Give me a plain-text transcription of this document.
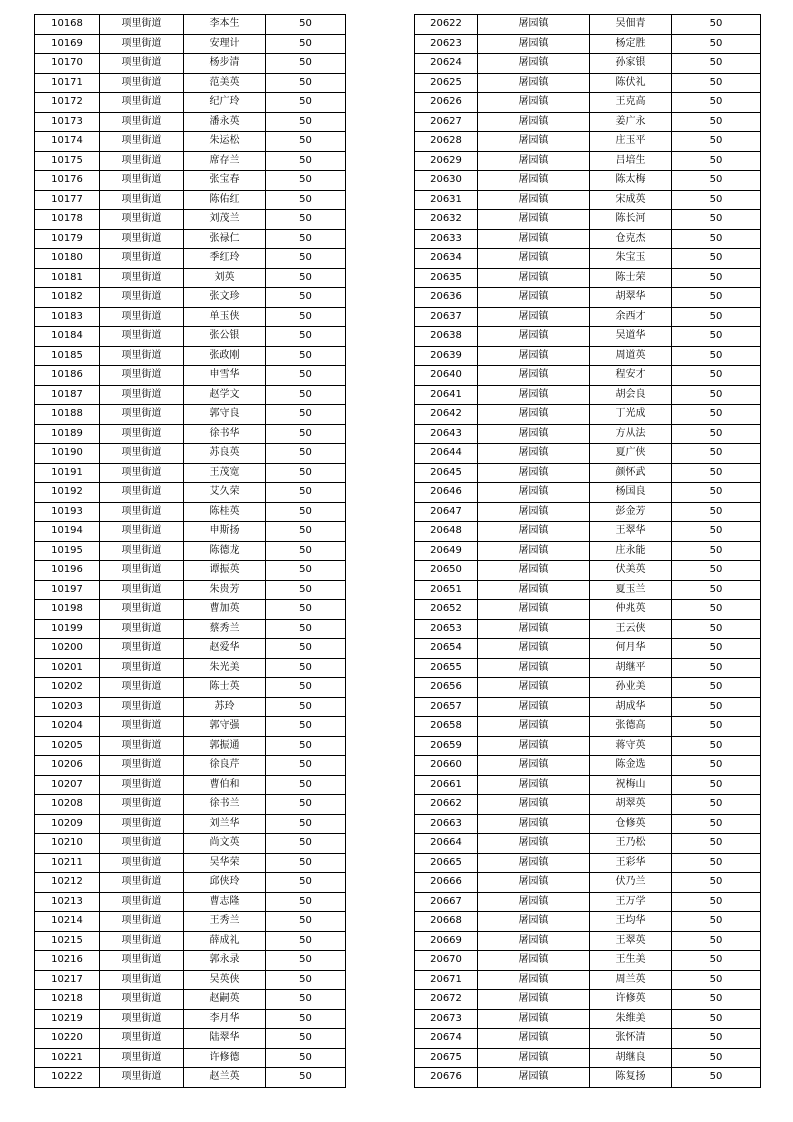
10168	项里街道	李本生	50
10169	项里街道	安理计	50
10170	项里街道	杨步清	50
10171	项里街道	范美英	50
10172	项里街道	纪广玲	50
10173	项里街道	潘永英	50
10174	项里街道	朱运松	50
10175	项里街道	席存兰	50
10176	项里街道	张宝春	50
10177	项里街道	陈佑红	50
10178	项里街道	刘茂兰	50
10179	项里街道	张禄仁	50
10180	项里街道	季红玲	50
10181	项里街道	刘英	50
10182	项里街道	张文珍	50
10183	项里街道	单玉侠	50
10184	项里街道	张公银	50
10185	项里街道	张政刚	50
10186	项里街道	申雪华	50
10187	项里街道	赵学文	50
10188	项里街道	郭守良	50
10189	项里街道	徐书华	50
10190	项里街道	苏良英	50
10191	项里街道	王茂宽	50
10192	项里街道	艾久荣	50
10193	项里街道	陈桂英	50
10194	项里街道	申斯扬	50
10195	项里街道	陈德龙	50
10196	项里街道	谭振英	50
10197	项里街道	朱贵芳	50
10198	项里街道	曹加英	50
10199	项里街道	蔡秀兰	50
10200	项里街道	赵爱华	50
10201	项里街道	朱光美	50
10202	项里街道	陈士英	50
10203	项里街道	苏玲	50
10204	项里街道	郭守强	50
10205	项里街道	郭振通	50
10206	项里街道	徐良芹	50
10207	项里街道	曹伯和	50
10208	项里街道	徐书兰	50
10209	项里街道	刘兰华	50
10210	项里街道	尚文英	50
10211	项里街道	吴华荣	50
10212	项里街道	邱侠玲	50
10213	项里街道	曹志隆	50
10214	项里街道	王秀兰	50
10215	项里街道	薛成礼	50
10216	项里街道	郭永录	50
10217	项里街道	吴英侠	50
10218	项里街道	赵嗣英	50
10219	项里街道	李月华	50
10220	项里街道	陆翠华	50
10221	项里街道	许修德	50
10222	项里街道	赵兰英	50
20622	屠园镇	吴佃青	50
20623	屠园镇	杨定胜	50
20624	屠园镇	孙家银	50
20625	屠园镇	陈伏礼	50
20626	屠园镇	王克高	50
20627	屠园镇	姜广永	50
20628	屠园镇	庄玉平	50
20629	屠园镇	吕培生	50
20630	屠园镇	陈太梅	50
20631	屠园镇	宋成英	50
20632	屠园镇	陈长河	50
20633	屠园镇	仓克杰	50
20634	屠园镇	朱宝玉	50
20635	屠园镇	陈士荣	50
20636	屠园镇	胡翠华	50
20637	屠园镇	余西才	50
20638	屠园镇	吴道华	50
20639	屠园镇	周道英	50
20640	屠园镇	程安才	50
20641	屠园镇	胡会良	50
20642	屠园镇	丁光成	50
20643	屠园镇	方从法	50
20644	屠园镇	夏广侠	50
20645	屠园镇	颜怀武	50
20646	屠园镇	杨国良	50
20647	屠园镇	彭金芳	50
20648	屠园镇	王翠华	50
20649	屠园镇	庄永能	50
20650	屠园镇	伏美英	50
20651	屠园镇	夏玉兰	50
20652	屠园镇	仲兆英	50
20653	屠园镇	王云侠	50
20654	屠园镇	何月华	50
20655	屠园镇	胡继平	50
20656	屠园镇	孙业美	50
20657	屠园镇	胡成华	50
20658	屠园镇	张德高	50
20659	屠园镇	蒋守英	50
20660	屠园镇	陈金选	50
20661	屠园镇	祝梅山	50
20662	屠园镇	胡翠英	50
20663	屠园镇	仓修英	50
20664	屠园镇	王乃松	50
20665	屠园镇	王彩华	50
20666	屠园镇	伏乃兰	50
20667	屠园镇	王万学	50
20668	屠园镇	王均华	50
20669	屠园镇	王翠英	50
20670	屠园镇	王生美	50
20671	屠园镇	周兰英	50
20672	屠园镇	许修英	50
20673	屠园镇	朱维美	50
20674	屠园镇	张怀清	50
20675	屠园镇	胡继良	50
20676	屠园镇	陈复扬	50
